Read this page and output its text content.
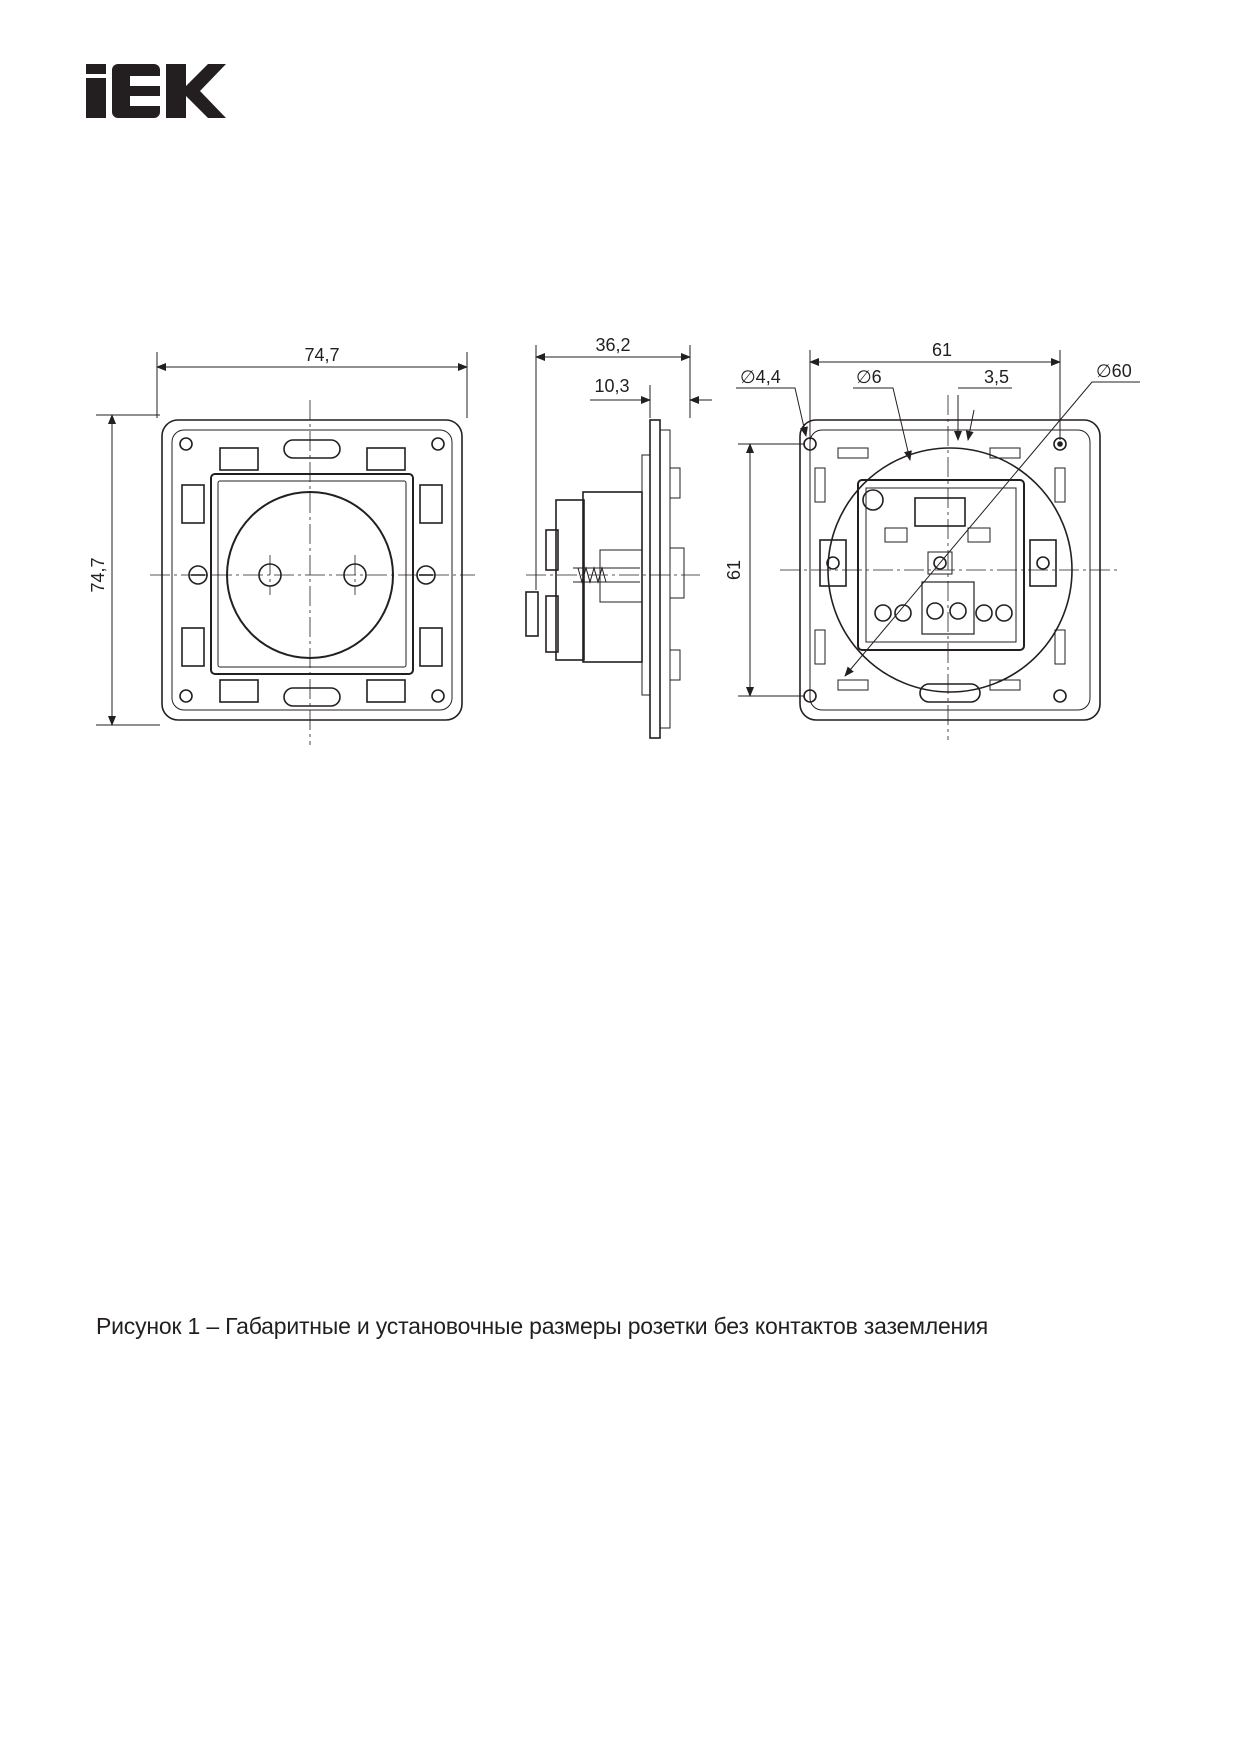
74,7
74,7
36,2
10,3
61
61
∅4,4	∅6	3,5	∅60
Рисунок 1 – Габаритные и установочные размеры розетки без контактов заземления
